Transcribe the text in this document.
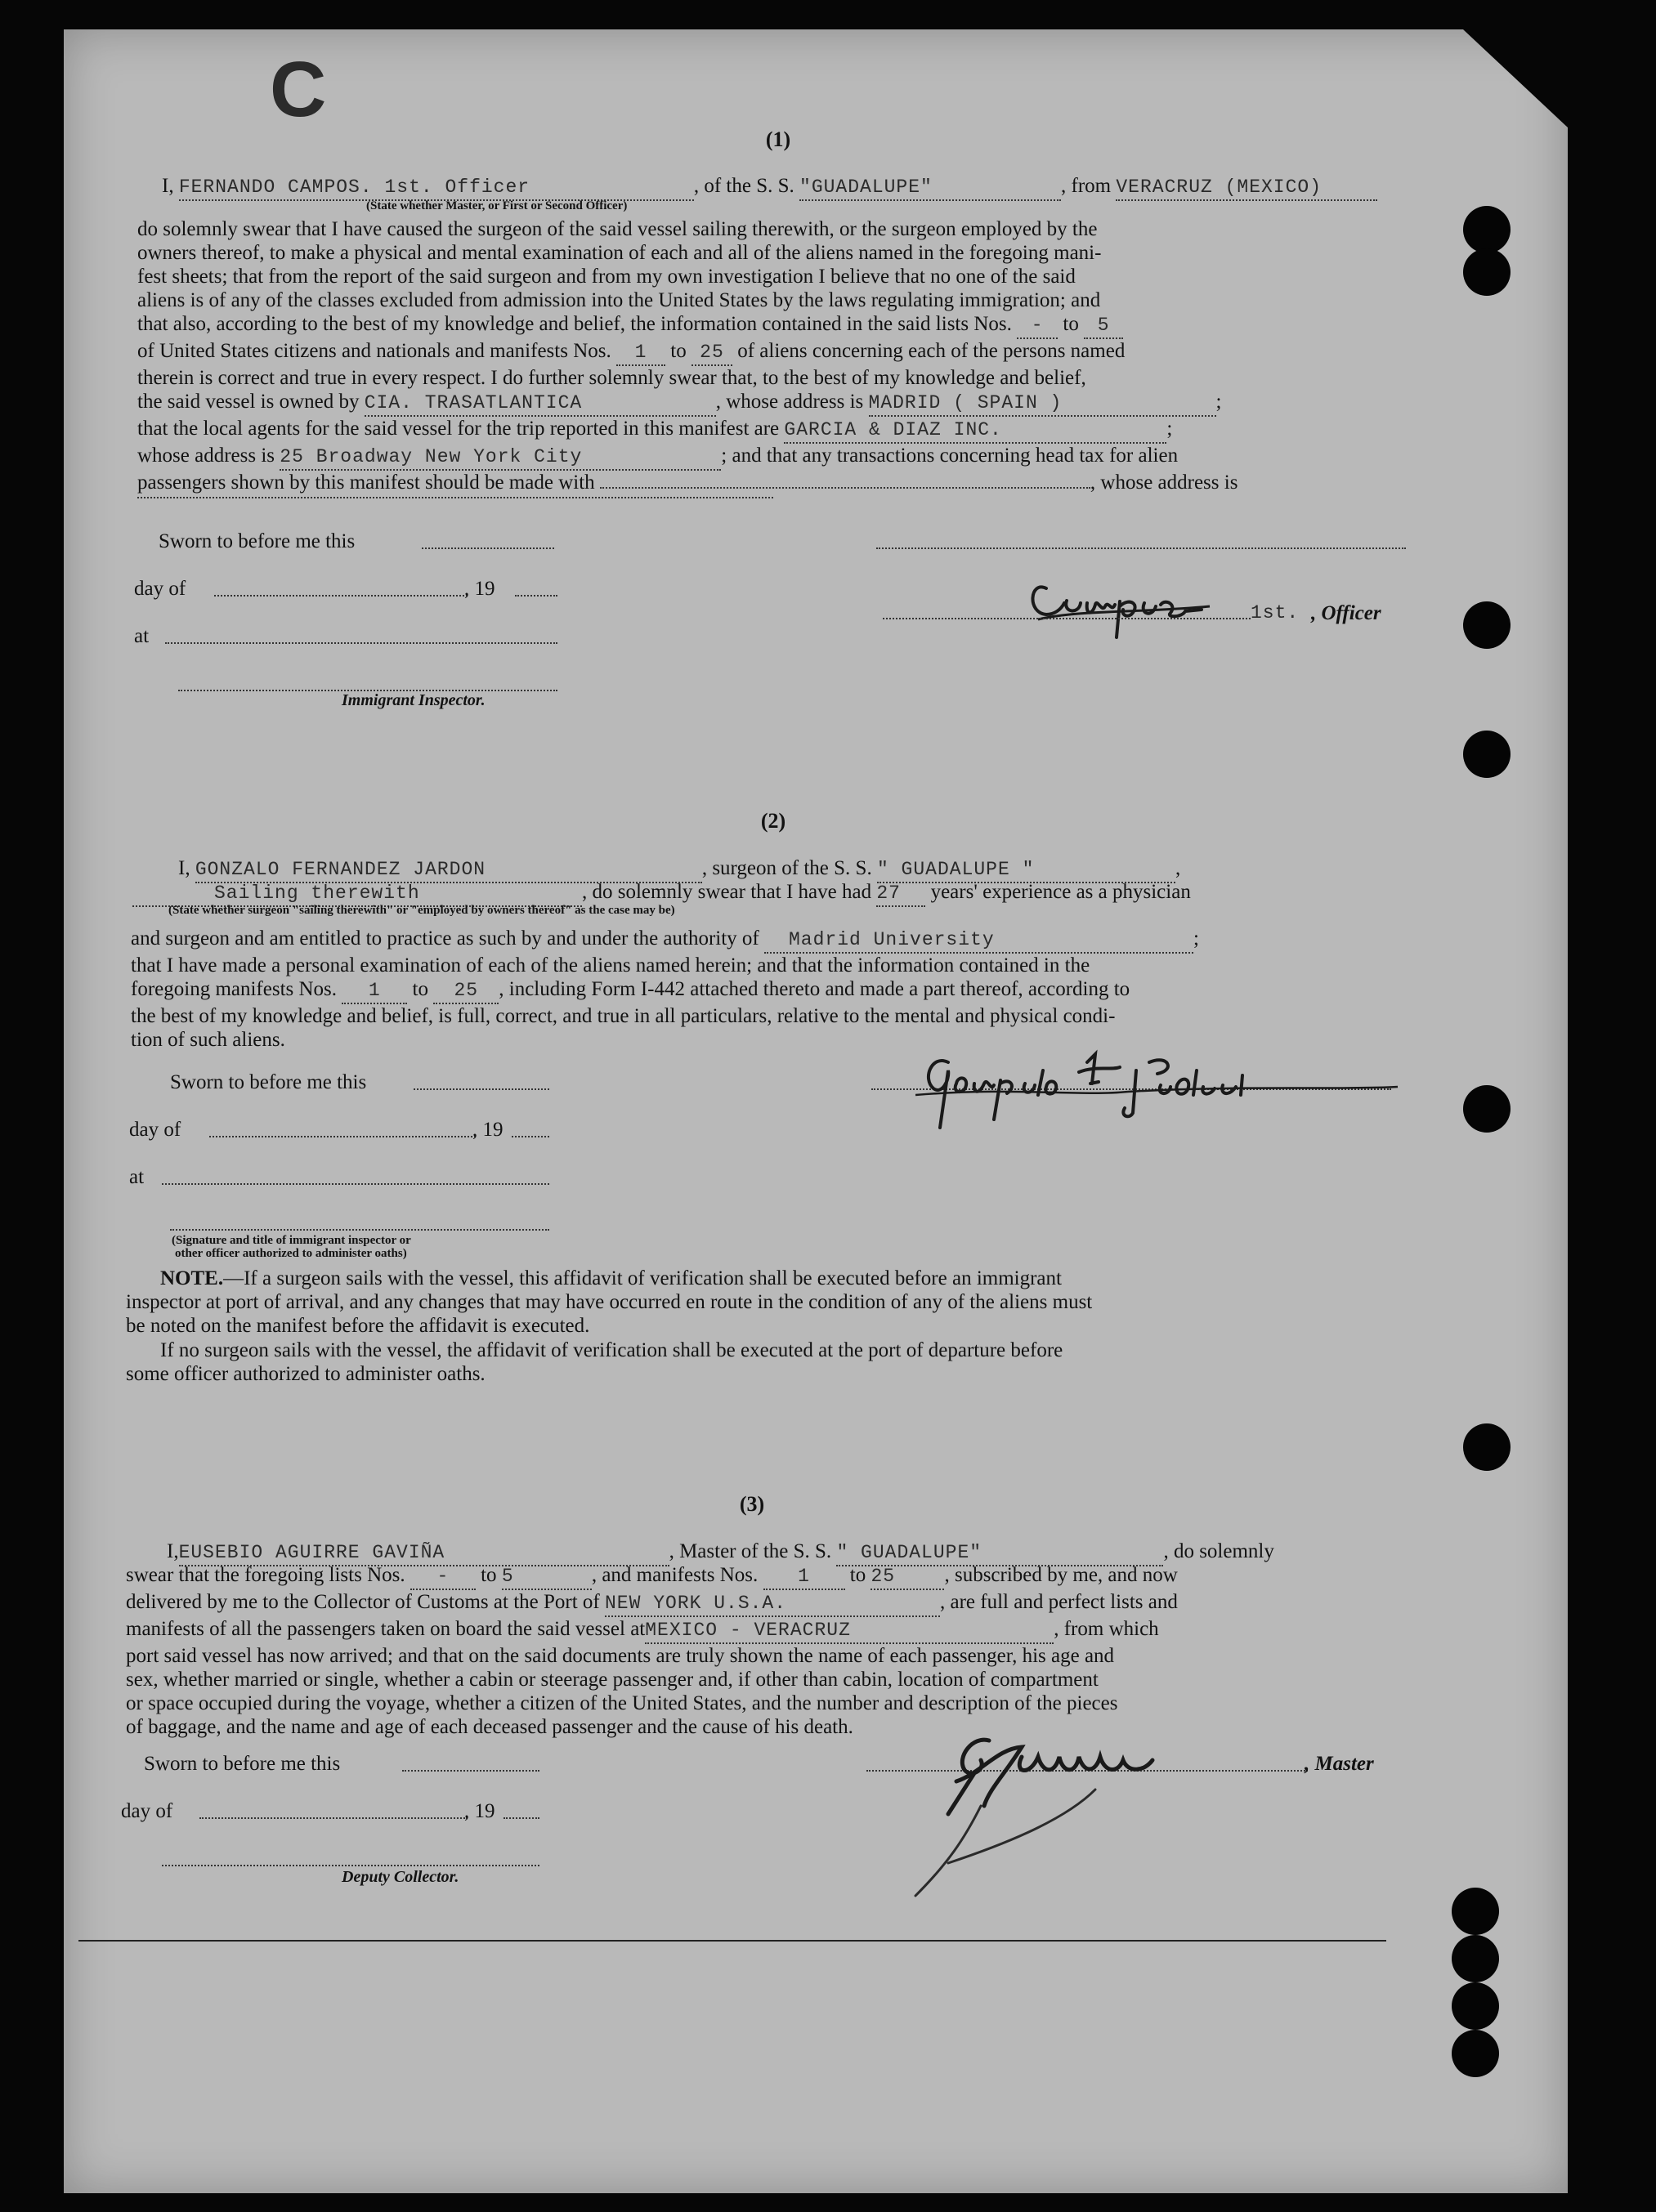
C
(1)
I, FERNANDO CAMPOS. 1st. Officer	, of the S. S. "GUADALUPE"	, from VERACRUZ (MEXICO)
(State whether Master, or First or Second Officer)
do solemnly swear that I have caused the surgeon of the said vessel sailing therewith, or the surgeon employed by the
owners thereof, to make a physical and mental examination of each and all of the aliens named in the foregoing mani-
fest sheets; that from the report of the said surgeon and from my own investigation I believe that no one of the said
aliens is of any of the classes excluded from admission into the United States by the laws regulating immigration; and
that also, according to the best of my knowledge and belief, the information contained in the said lists Nos. - to 5
of United States citizens and nationals and manifests Nos. 1 to 25 of aliens concerning each of the persons named
therein is correct and true in every respect. I do further solemnly swear that, to the best of my knowledge and belief,
the said vessel is owned by CIA. TRASATLANTICA	, whose address is MADRID ( SPAIN )	;
that the local agents for the said vessel for the trip reported in this manifest are GARCIA & DIAZ INC.	;
whose address is 25 Broadway New York City	; and that any transactions concerning head tax for alien
passengers shown by this manifest should be made with	, whose address is
Sworn to before me this
day of	, 19
at
Immigrant Inspector.
1st. , Officer
(2)
I, GONZALO FERNANDEZ JARDON	, surgeon of the S. S. " GUADALUPE "	,
Sailing therewith	, do solemnly swear that I have had 27 years' experience as a physician
(State whether surgeon "sailing therewith" or "employed by owners thereof" as the case may be)
and surgeon and am entitled to practice as such by and under the authority of Madrid University	;
that I have made a personal examination of each of the aliens named herein; and that the information contained in the
foregoing manifests Nos. 1 to 25 , including Form I-442 attached thereto and made a part thereof, according to
the best of my knowledge and belief, is full, correct, and true in all particulars, relative to the mental and physical condi-
tion of such aliens.
Sworn to before me this
day of	, 19
at
(Signature and title of immigrant inspector or
other officer authorized to administer oaths)
NOTE.—If a surgeon sails with the vessel, this affidavit of verification shall be executed before an immigrant
inspector at port of arrival, and any changes that may have occurred en route in the condition of any of the aliens must
be noted on the manifest before the affidavit is executed.
If no surgeon sails with the vessel, the affidavit of verification shall be executed at the port of departure before
some officer authorized to administer oaths.
(3)
I,EUSEBIO AGUIRRE GAVIÑA	, Master of the S. S. " GUADALUPE"	, do solemnly
swear that the foregoing lists Nos. - to 5	, and manifests Nos. 1 to 25 , subscribed by me, and now
delivered by me to the Collector of Customs at the Port of NEW YORK U.S.A.	, are full and perfect lists and
manifests of all the passengers taken on board the said vessel atMEXICO - VERACRUZ	, from which
port said vessel has now arrived; and that on the said documents are truly shown the name of each passenger, his age and
sex, whether married or single, whether a cabin or steerage passenger and, if other than cabin, location of compartment
or space occupied during the voyage, whether a citizen of the United States, and the number and description of the pieces
of baggage, and the name and age of each deceased passenger and the cause of his death.
Sworn to before me this
day of	, 19
Deputy Collector.
, Master
